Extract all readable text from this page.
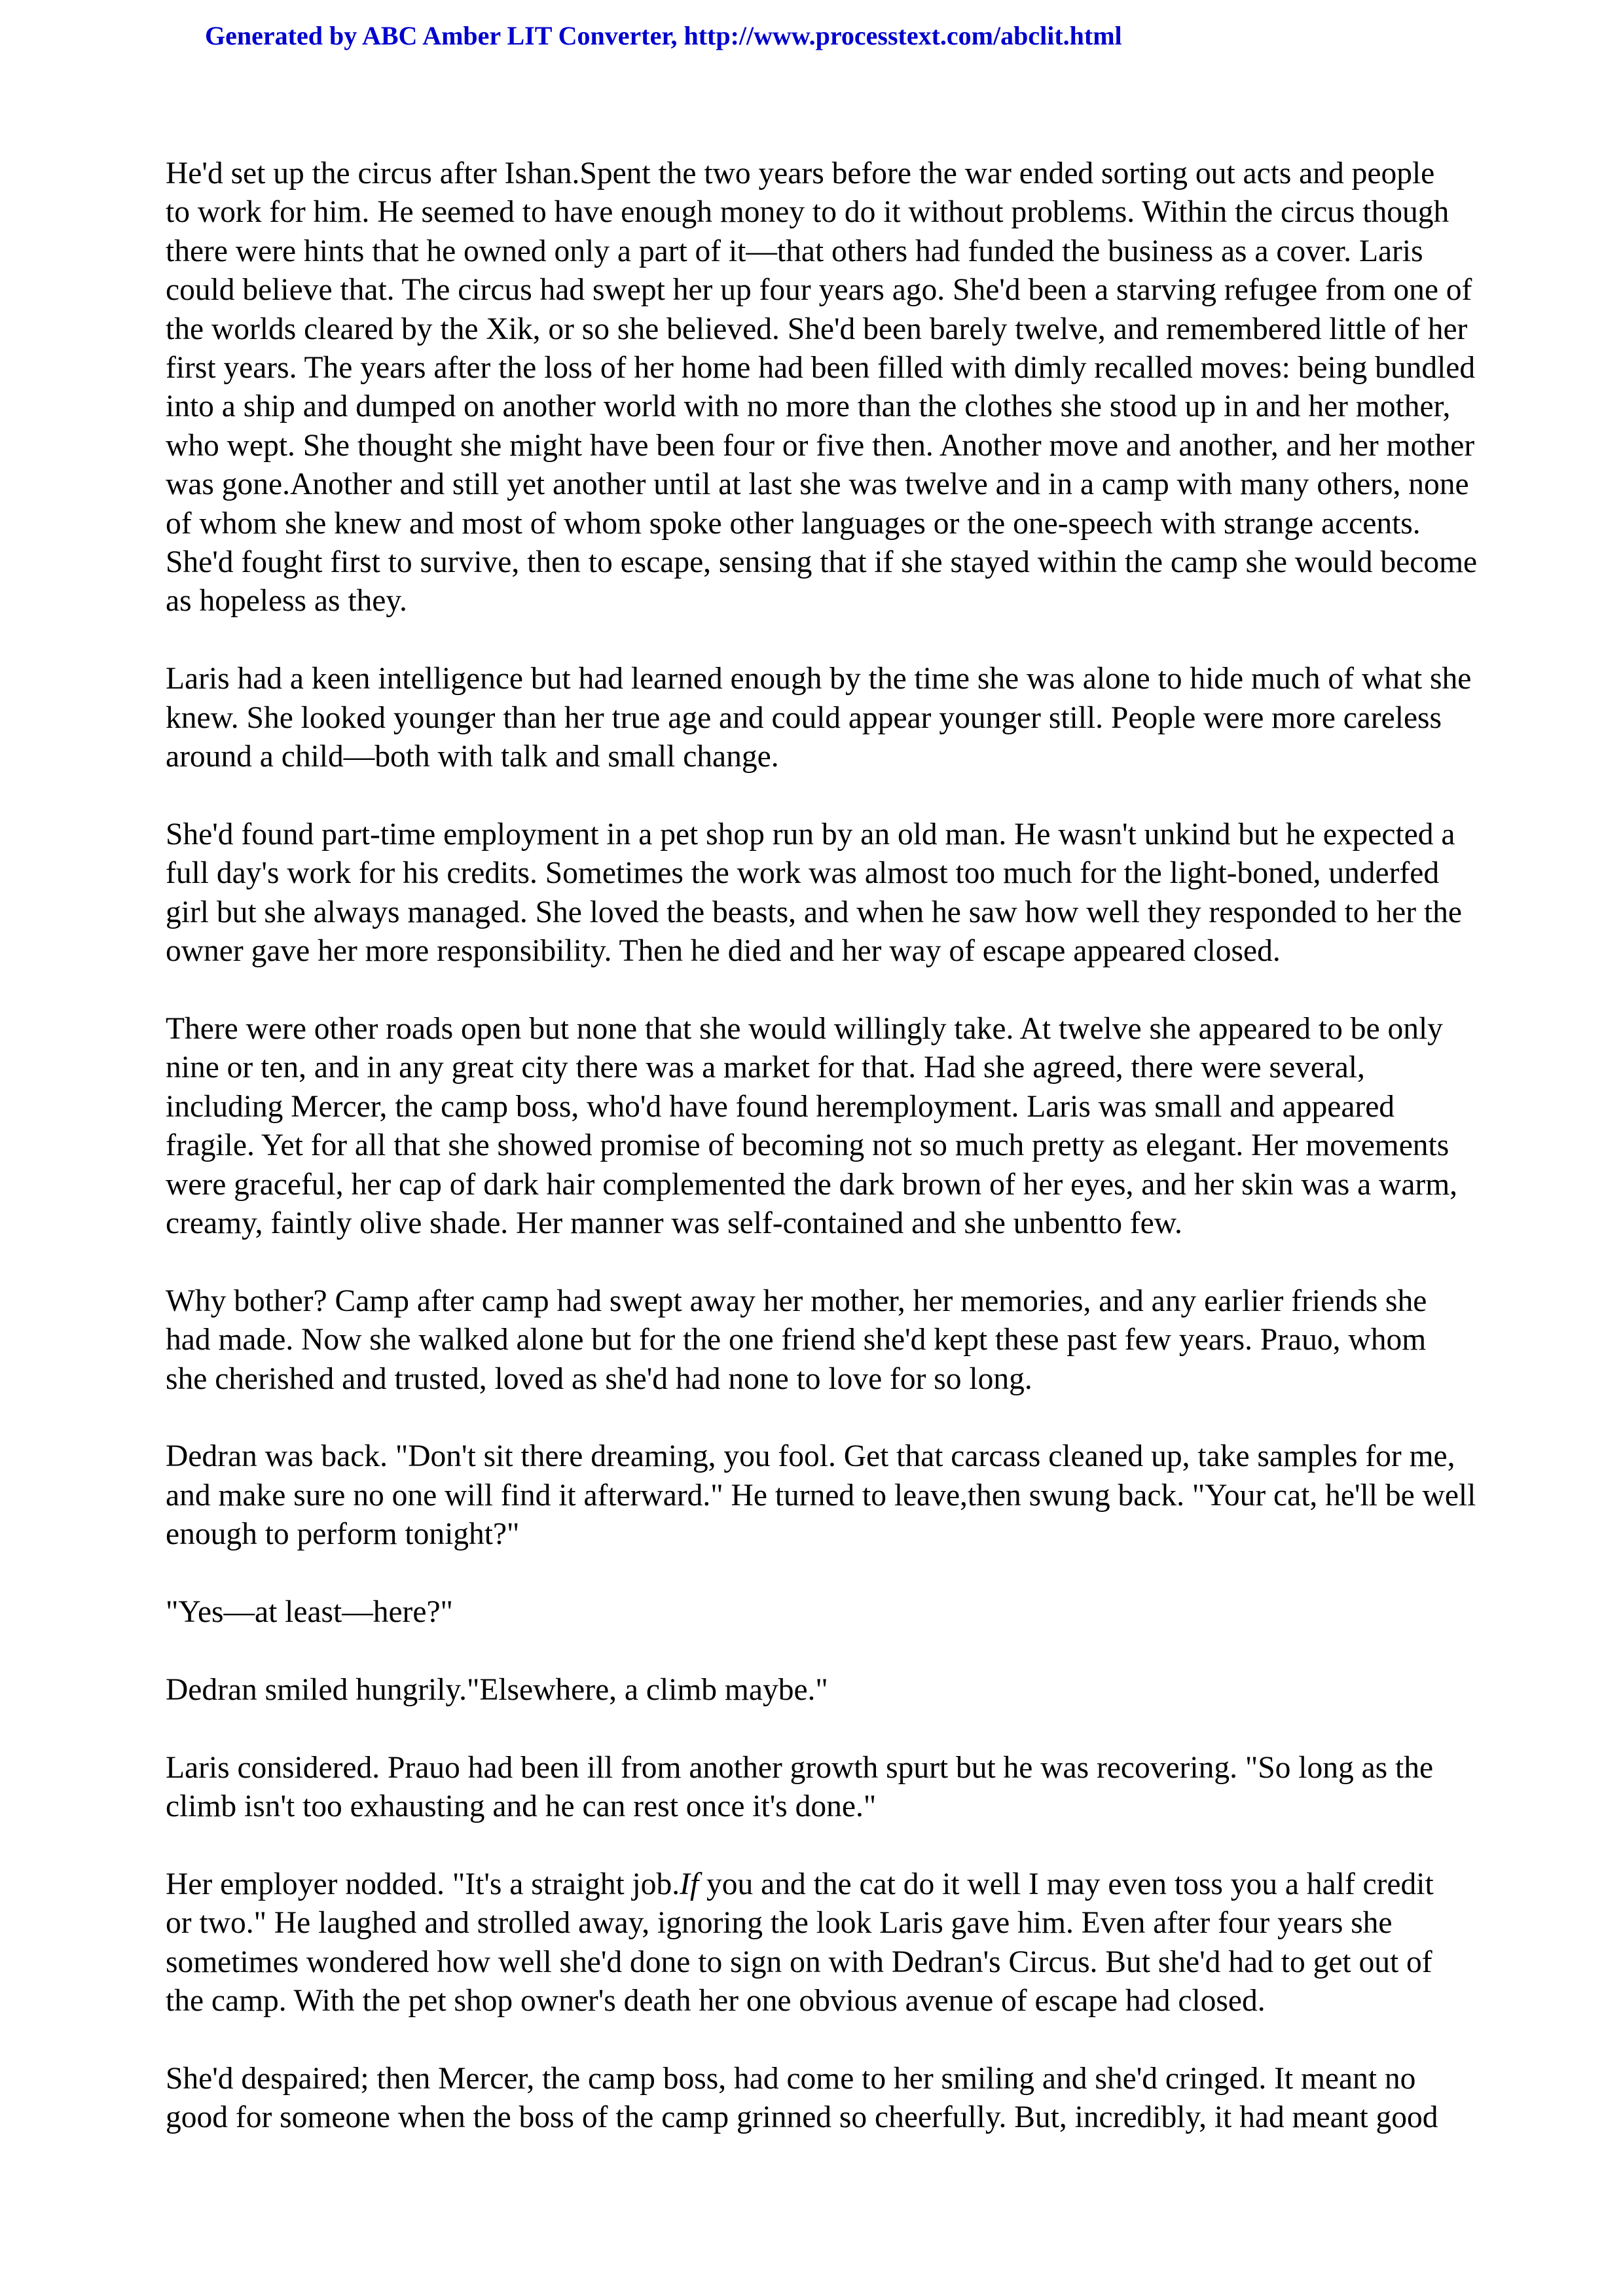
Generated by ABC Amber LIT Converter, http://www.processtext.com/abclit.html

He'd set up the circus after Ishan.Spent the two years before the war ended sorting out acts and people
to work for him. He seemed to have enough money to do it without problems. Within the circus though
there were hints that he owned only a part of it—that others had funded the business as a cover. Laris
could believe that. The circus had swept her up four years ago. She'd been a starving refugee from one of
the worlds cleared by the Xik, or so she believed. She'd been barely twelve, and remembered little of her
first years. The years after the loss of her home had been filled with dimly recalled moves: being bundled
into a ship and dumped on another world with no more than the clothes she stood up in and her mother,
who wept. She thought she might have been four or five then. Another move and another, and her mother
was gone.Another and still yet another until at last she was twelve and in a camp with many others, none
of whom she knew and most of whom spoke other languages or the one-speech with strange accents.
She'd fought first to survive, then to escape, sensing that if she stayed within the camp she would become
as hopeless as they.

Laris had a keen intelligence but had learned enough by the time she was alone to hide much of what she
knew. She looked younger than her true age and could appear younger still. People were more careless
around a child—both with talk and small change.

She'd found part-time employment in a pet shop run by an old man. He wasn't unkind but he expected a
full day's work for his credits. Sometimes the work was almost too much for the light-boned, underfed
girl but she always managed. She loved the beasts, and when he saw how well they responded to her the
owner gave her more responsibility. Then he died and her way of escape appeared closed.

There were other roads open but none that she would willingly take. At twelve she appeared to be only
nine or ten, and in any great city there was a market for that. Had she agreed, there were several,
including Mercer, the camp boss, who'd have found heremployment. Laris was small and appeared
fragile. Yet for all that she showed promise of becoming not so much pretty as elegant. Her movements
were graceful, her cap of dark hair complemented the dark brown of her eyes, and her skin was a warm,
creamy, faintly olive shade. Her manner was self-contained and she unbentto few.

Why bother? Camp after camp had swept away her mother, her memories, and any earlier friends she
had made. Now she walked alone but for the one friend she'd kept these past few years. Prauo, whom
she cherished and trusted, loved as she'd had none to love for so long.

Dedran was back. "Don't sit there dreaming, you fool. Get that carcass cleaned up, take samples for me,
and make sure no one will find it afterward." He turned to leave,then swung back. "Your cat, he'll be well
enough to perform tonight?"

"Yes—at least—here?"

Dedran smiled hungrily."Elsewhere, a climb maybe."

Laris considered. Prauo had been ill from another growth spurt but he was recovering. "So long as the
climb isn't too exhausting and he can rest once it's done."

Her employer nodded. "It's a straight job.If you and the cat do it well I may even toss you a half credit
or two." He laughed and strolled away, ignoring the look Laris gave him. Even after four years she
sometimes wondered how well she'd done to sign on with Dedran's Circus. But she'd had to get out of
the camp. With the pet shop owner's death her one obvious avenue of escape had closed.

She'd despaired; then Mercer, the camp boss, had come to her smiling and she'd cringed. It meant no
good for someone when the boss of the camp grinned so cheerfully. But, incredibly, it had meant good
